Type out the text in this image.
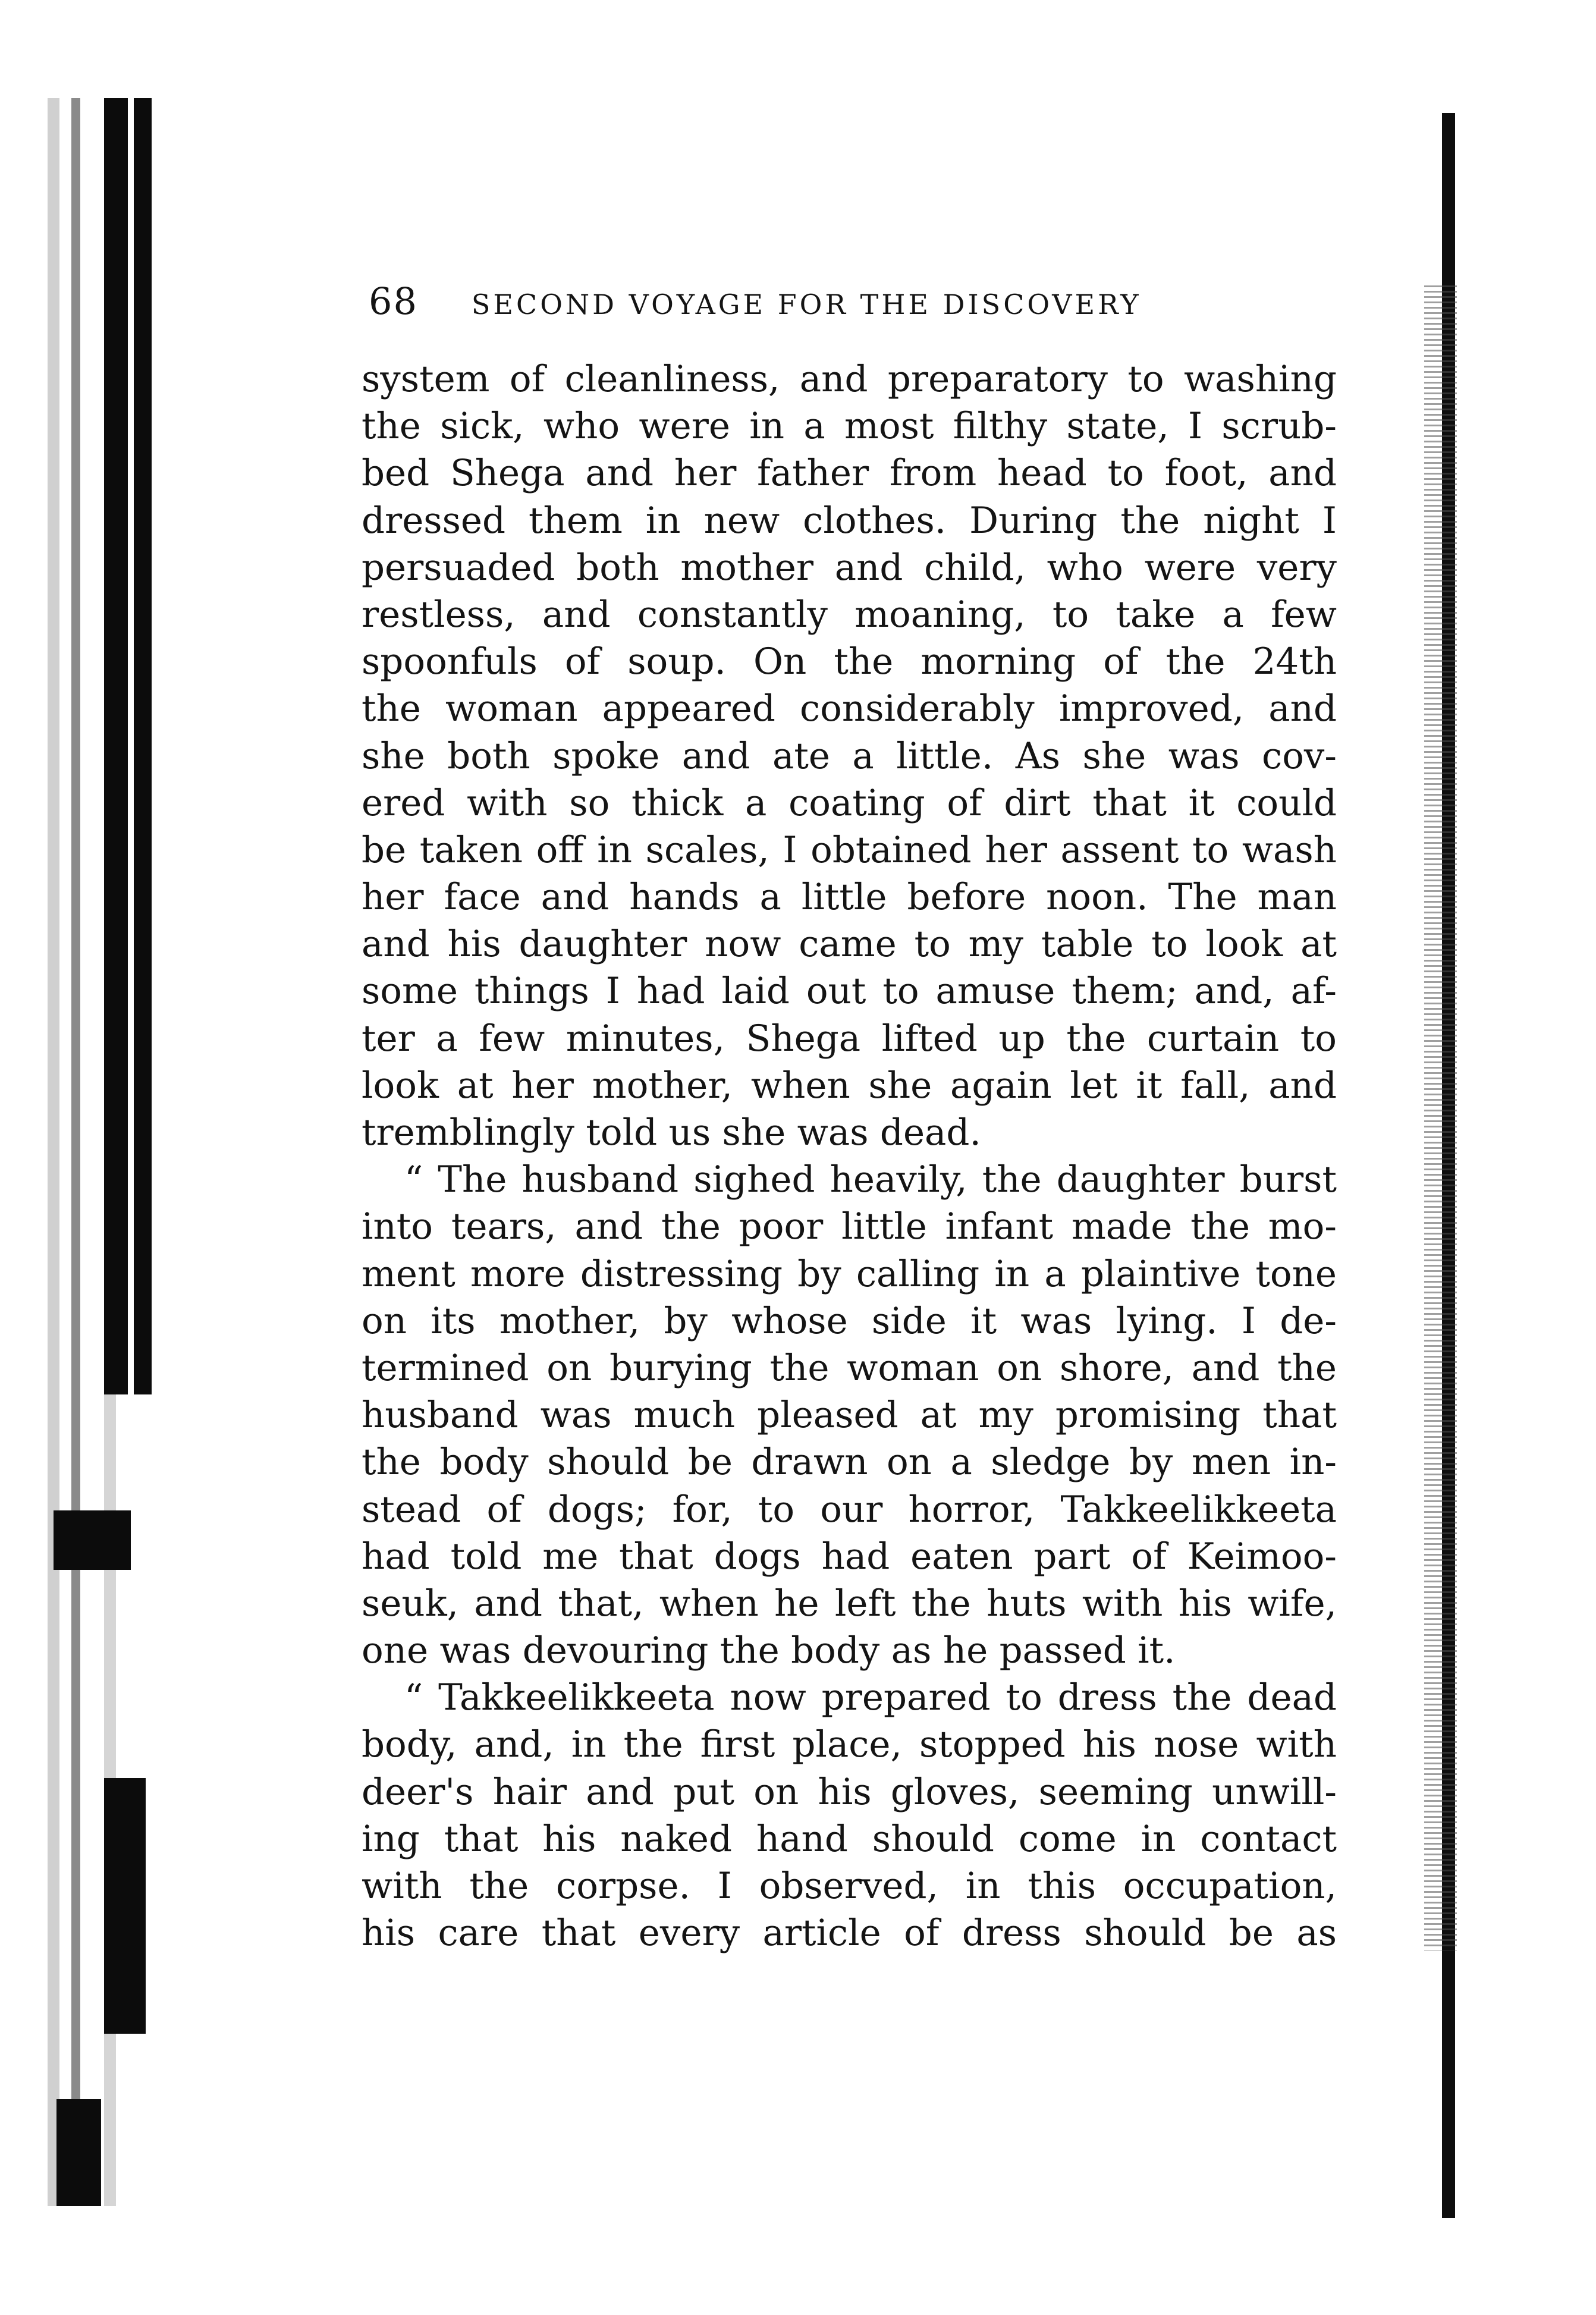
68 SECOND VOYAGE FOR THE DISCOVERY
system of cleanliness, and preparatory to washing
the sick, who were in a most filthy state, I scrub-
bed Shega and her father from head to foot, and
dressed them in new clothes. During the night I
persuaded both mother and child, who were very
restless, and constantly moaning, to take a few
spoonfuls of soup. On the morning of the 24th
the woman appeared considerably improved, and
she both spoke and ate a little. As she was cov-
ered with so thick a coating of dirt that it could
be taken off in scales, I obtained her assent to wash
her face and hands a little before noon. The man
and his daughter now came to my table to look at
some things I had laid out to amuse them; and, af-
ter a few minutes, Shega lifted up the curtain to
look at her mother, when she again let it fall, and
tremblingly told us she was dead.
“ The husband sighed heavily, the daughter burst
into tears, and the poor little infant made the mo-
ment more distressing by calling in a plaintive tone
on its mother, by whose side it was lying. I de-
termined on burying the woman on shore, and the
husband was much pleased at my promising that
the body should be drawn on a sledge by men in-
stead of dogs; for, to our horror, Takkeelikkeeta
had told me that dogs had eaten part of Keimoo-
seuk, and that, when he left the huts with his wife,
one was devouring the body as he passed it.
“ Takkeelikkeeta now prepared to dress the dead
body, and, in the first place, stopped his nose with
deer's hair and put on his gloves, seeming unwill-
ing that his naked hand should come in contact
with the corpse. I observed, in this occupation,
his care that every article of dress should be as
